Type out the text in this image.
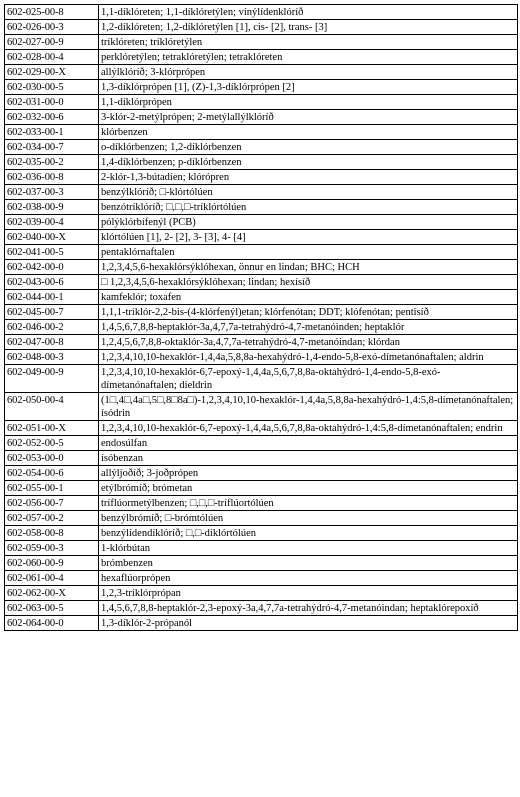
602-025-00-8	1,1-díklóreten; 1,1-díklóretýlen; vínýlídenklóríð
602-026-00-3	1,2-díklóreten; 1,2-díklóretýlen [1], cis- [2], trans- [3]
602-027-00-9	tríklóreten; tríklóretýlen
602-028-00-4	perklóretýlen; tetraklóretýlen; tetraklóreten
602-029-00-X	allýlklóríð; 3-klórprópen
602-030-00-5	1,3-díklórprópen [1], (Z)-1,3-díklórprópen [2]
602-031-00-0	1,1-díklórprópen
602-032-00-6	3-klór-2-metýlprópen; 2-metýlallýlklóríð
602-033-00-1	klórbenzen
602-034-00-7	o-díklórbenzen; 1,2-díklórbenzen
602-035-00-2	1,4-díklórbenzen; p-díklórbenzen
602-036-00-8	2-klór-1,3-bútadíen; klórópren
602-037-00-3	benzýlklóríð; □-klórtólúen
602-038-00-9	benzótríklóríð; □,□,□-tríklórtólúen
602-039-00-4	pólýklórbífenýl (PCB)
602-040-00-X	klórtólúen [1], 2- [2], 3- [3], 4- [4]
602-041-00-5	pentaklórnaftalen
602-042-00-0	1,2,3,4,5,6-hexaklórsýklóhexan, önnur en lindan; BHC; HCH
602-043-00-6	□ 1,2,3,4,5,6-hexaklórsýklóhexan; lindan; hexísíð
602-044-00-1	kamfeklór; toxafen
602-045-00-7	1,1,1-tríklór-2,2-bis-(4-klórfenýl)etan; klórfenótan; DDT; klófenótan; pentisíð
602-046-00-2	1,4,5,6,7,8,8-heptaklór-3a,4,7,7a-tetrahýdró-4,7-metanóinden; heptaklór
602-047-00-8	1,2,4,5,6,7,8,8-oktaklór-3a,4,7,7a-tetrahýdró-4,7-metanóindan; klórdan
602-048-00-3	1,2,3,4,10,10-hexaklór-1,4,4a,5,8,8a-hexahýdró-1,4-endo-5,8-exó-dímetanónaftalen; aldrin
602-049-00-9	1,2,3,4,10,10-hexaklór-6,7-epoxý-1,4,4a,5,6,7,8,8a-oktahýdró-1,4-endo-5,8-exó-dímetanónaftalen; díeldrin
602-050-00-4	(1□,4□,4a□,5□,8□8a□)-1,2,3,4,10,10-hexaklór-1,4,4a,5,8,8a-hexahýdró-1,4:5,8-dímetanónaftalen; ísódrin
602-051-00-X	1,2,3,4,10,10-hexaklór-6,7-epoxý-1,4,4a,5,6,7,8,8a-oktahýdró-1,4:5,8-dímetanónaftalen; endrin
602-052-00-5	endosúlfan
602-053-00-0	ísóbenzan
602-054-00-6	allýljoðíð; 3-joðprópen
602-055-00-1	etýlbrómíð; brómetan
602-056-00-7	tríflúormetýlbenzen; □,□,□-tríflúortólúen
602-057-00-2	benzýlbrómíð; □-brómtólúen
602-058-00-8	benzýlídendíklóríð; □,□-díklórtólúen
602-059-00-3	1-klórbútan
602-060-00-9	brómbenzen
602-061-00-4	hexaflúorprópen
602-062-00-X	1,2,3-tríklórprópan
602-063-00-5	1,4,5,6,7,8,8-heptaklór-2,3-epoxý-3a,4,7,7a-tetrahýdró-4,7-metanóindan; heptaklórepoxíð
602-064-00-0	1,3-díklór-2-própanól
